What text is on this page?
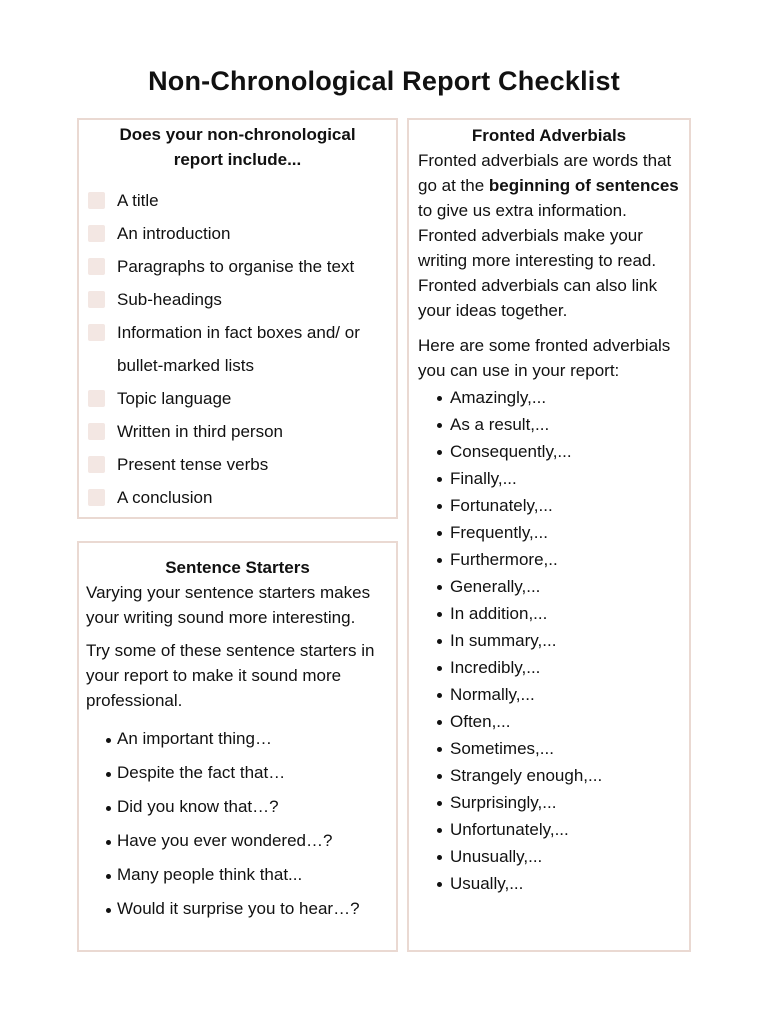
Non-Chronological Report Checklist
Does your non-chronological report include...
A title
An introduction
Paragraphs to organise the text
Sub-headings
Information in fact boxes and/ or bullet-marked lists
Topic language
Written in third person
Present tense verbs
A conclusion
Sentence Starters
Varying your sentence starters makes your writing sound more interesting.
Try some of these sentence starters in your report to make it sound more professional.
An important thing…
Despite the fact that…
Did you know that…?
Have you ever wondered…?
Many people think that...
Would it surprise you to hear…?
Fronted Adverbials
Fronted adverbials are words that go at the beginning of sentences to give us extra information.
Fronted adverbials make your writing more interesting to read.
Fronted adverbials can also link your ideas together.
Here are some fronted adverbials you can use in your report:
Amazingly,...
As a result,...
Consequently,...
Finally,...
Fortunately,...
Frequently,...
Furthermore,..
Generally,...
In addition,...
In summary,...
Incredibly,...
Normally,...
Often,...
Sometimes,...
Strangely enough,...
Surprisingly,...
Unfortunately,...
Unusually,...
Usually,...
